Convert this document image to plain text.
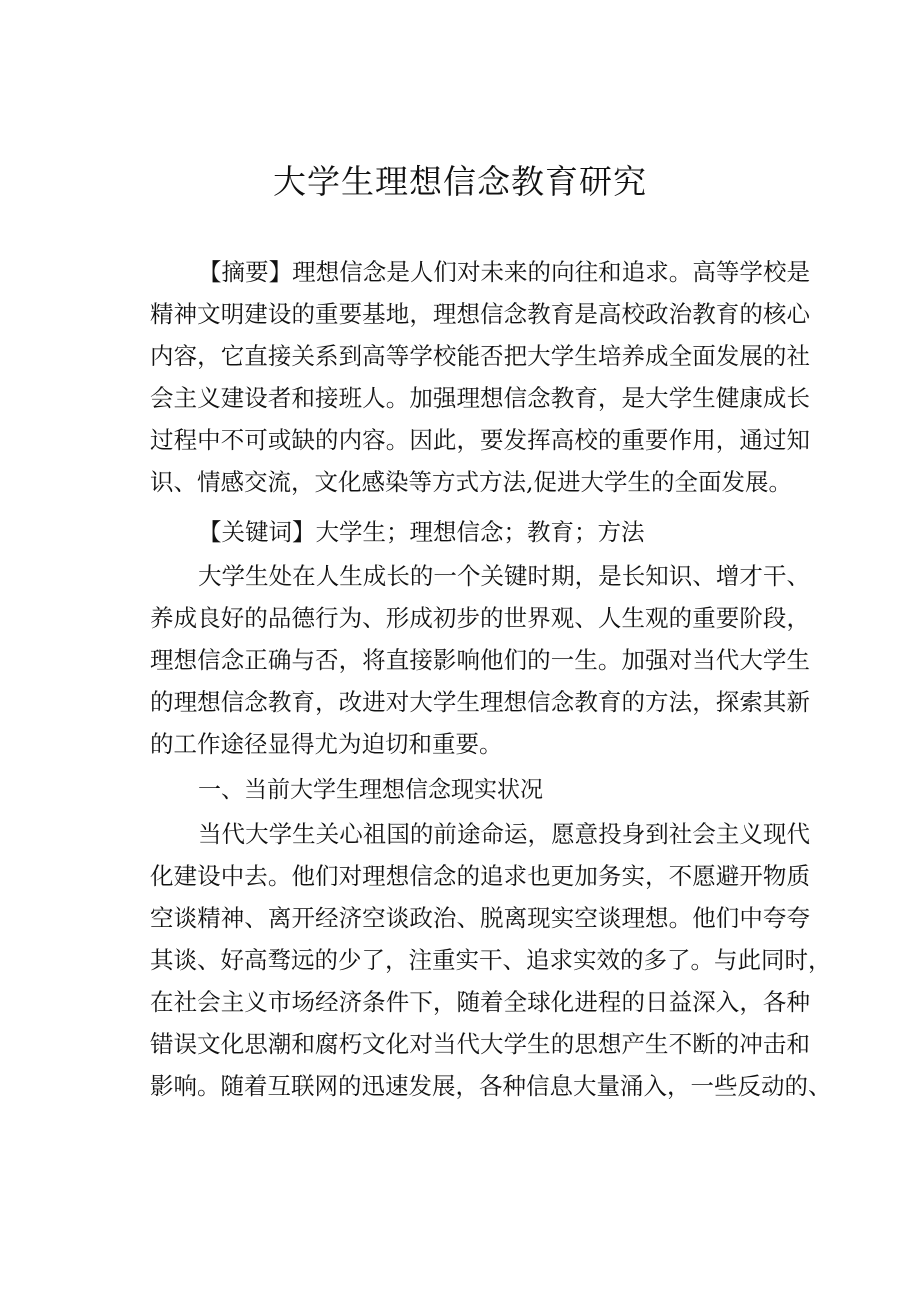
大学生理想信念教育研究

【摘要】理想信念是人们对未来的向往和追求。高等学校是

精神文明建设的重要基地，理想信念教育是高校政治教育的核心

内容，它直接关系到高等学校能否把大学生培养成全面发展的社

会主义建设者和接班人。加强理想信念教育，是大学生健康成长

过程中不可或缺的内容。因此，要发挥高校的重要作用，通过知

识、情感交流，文化感染等方式方法,促进大学生的全面发展。

【关键词】大学生；理想信念；教育；方法

大学生处在人生成长的一个关键时期，是长知识、增才干、

养成良好的品德行为、形成初步的世界观、人生观的重要阶段，

理想信念正确与否，将直接影响他们的一生。加强对当代大学生

的理想信念教育，改进对大学生理想信念教育的方法，探索其新

的工作途径显得尤为迫切和重要。

一、当前大学生理想信念现实状况

当代大学生关心祖国的前途命运，愿意投身到社会主义现代

化建设中去。他们对理想信念的追求也更加务实，不愿避开物质

空谈精神、离开经济空谈政治、脱离现实空谈理想。他们中夸夸

其谈、好高骛远的少了，注重实干、追求实效的多了。与此同时，

在社会主义市场经济条件下，随着全球化进程的日益深入，各种

错误文化思潮和腐朽文化对当代大学生的思想产生不断的冲击和

影响。随着互联网的迅速发展，各种信息大量涌入，一些反动的、
